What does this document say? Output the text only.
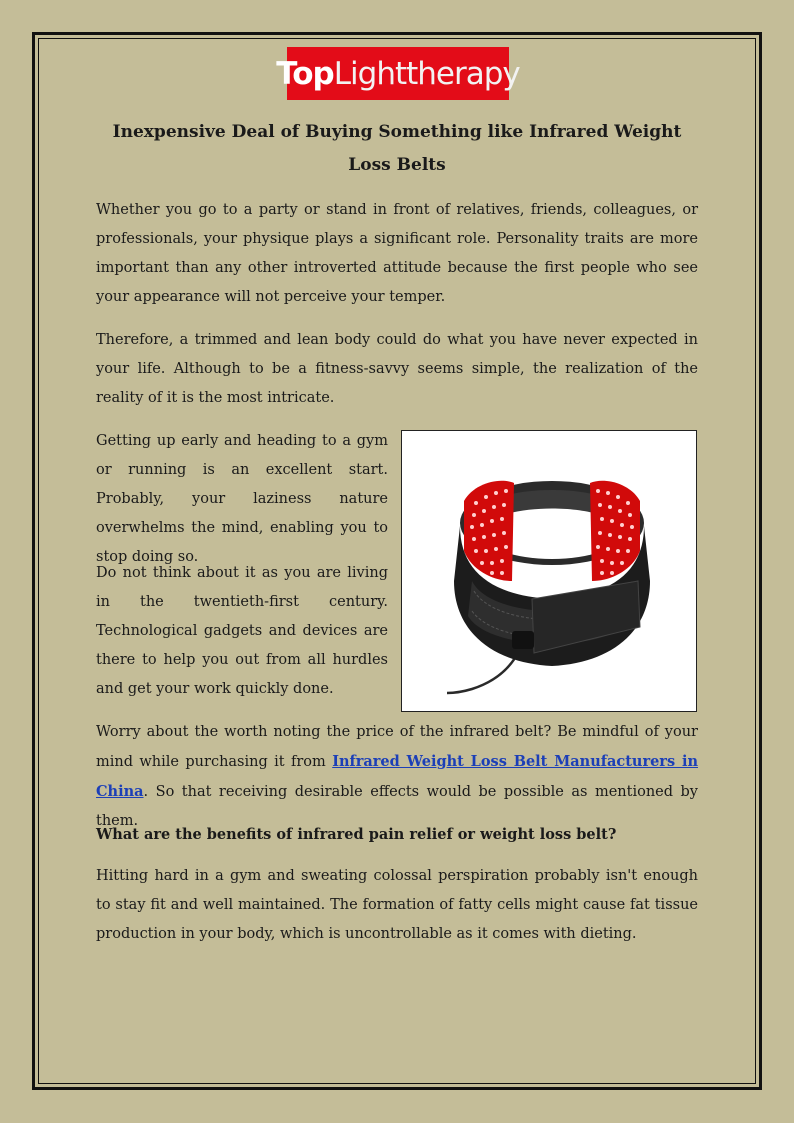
Top Lighttherapy
Inexpensive Deal of Buying Something like Infrared Weight Loss Belts

Whether you go to a party or stand in front of relatives, friends, colleagues, or professionals, your physique plays a significant role. Personality traits are more important than any other introverted attitude because the first people who see your appearance will not perceive your temper.

Therefore, a trimmed and lean body could do what you have never expected in your life. Although to be a fitness-savvy seems simple, the realization of the reality of it is the most intricate.

Getting up early and heading to a gym or running is an excellent start. Probably, your laziness nature overwhelms the mind, enabling you to stop doing so.

Do not think about it as you are living in the twentieth-first century. Technological gadgets and devices are there to help you out from all hurdles and get your work quickly done.

Worry about the worth noting the price of the infrared belt? Be mindful of your mind while purchasing it from Infrared Weight Loss Belt Manufacturers in China. So that receiving desirable effects would be possible as mentioned by them.

What are the benefits of infrared pain relief or weight loss belt?

Hitting hard in a gym and sweating colossal perspiration probably isn't enough to stay fit and well maintained. The formation of fatty cells might cause fat tissue production in your body, which is uncontrollable as it comes with dieting.
